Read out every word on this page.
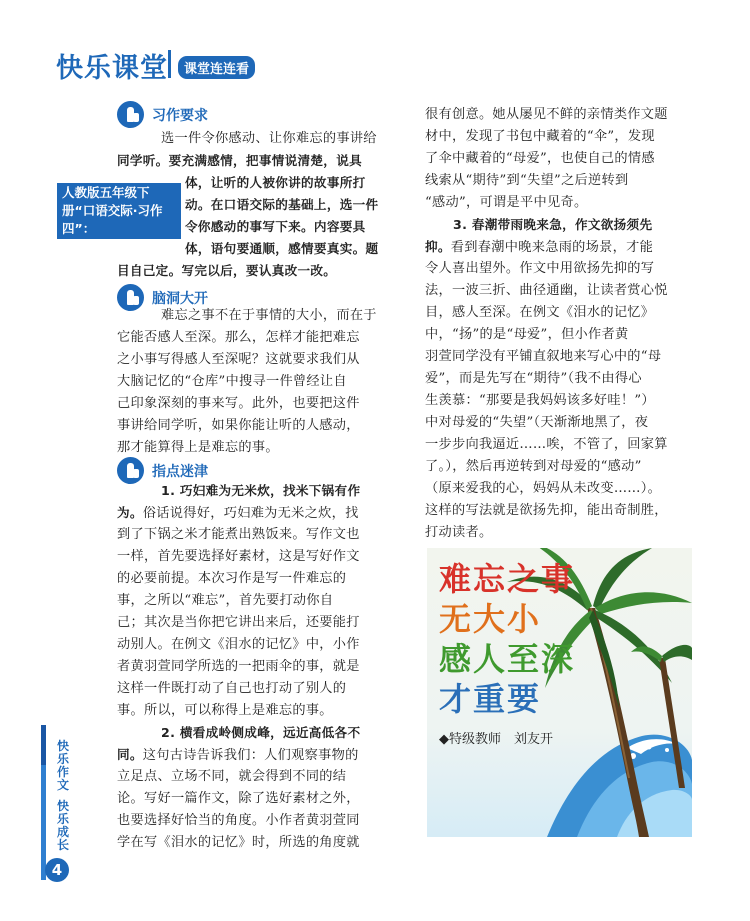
快乐课堂	课堂连连看
快乐作文
快乐成长
4
人教版五年级下册“口语交际·习作四”：
习作要求
选一件令你感动、让你难忘的事讲给
同学听。要充满感情，把事情说清楚，说具
体，让听的人被你讲的故事所打
动。在口语交际的基础上，选一件
令你感动的事写下来。内容要具
体，语句要通顺，感情要真实。题
目自己定。写完以后，要认真改一改。
脑洞大开
难忘之事不在于事情的大小，而在于
它能否感人至深。那么，怎样才能把难忘
之小事写得感人至深呢？这就要求我们从
大脑记忆的“仓库”中搜寻一件曾经让自
己印象深刻的事来写。此外，也要把这件
事讲给同学听，如果你能让听的人感动，
那才能算得上是难忘的事。
指点迷津
1. 巧妇难为无米炊，找米下锅有作
为。俗话说得好，巧妇难为无米之炊，找
到了下锅之米才能煮出熟饭来。写作文也
一样，首先要选择好素材，这是写好作文
的必要前提。本次习作是写一件难忘的
事，之所以“难忘”，首先要打动你自
己；其次是当你把它讲出来后，还要能打
动别人。在例文《泪水的记忆》中，小作
者黄羽萱同学所选的一把雨伞的事，就是
这样一件既打动了自己也打动了别人的
事。所以，可以称得上是难忘的事。
2. 横看成岭侧成峰，远近高低各不
同。这句古诗告诉我们：人们观察事物的
立足点、立场不同，就会得到不同的结
论。写好一篇作文，除了选好素材之外，
也要选择好恰当的角度。小作者黄羽萱同
学在写《泪水的记忆》时，所选的角度就
很有创意。她从屡见不鲜的亲情类作文题
材中，发现了书包中藏着的“伞”，发现
了伞中藏着的“母爱”，也使自己的情感
线索从“期待”到“失望”之后逆转到
“感动”，可谓是平中见奇。
3. 春潮带雨晚来急，作文欲扬须先
抑。看到春潮中晚来急雨的场景，才能
令人喜出望外。作文中用欲扬先抑的写
法，一波三折、曲径通幽，让读者赏心悦
目，感人至深。在例文《泪水的记忆》
中，“扬”的是“母爱”，但小作者黄
羽萱同学没有平铺直叙地来写心中的“母
爱”，而是先写在“期待”（我不由得心
生羡慕：“那要是我妈妈该多好哇！”）
中对母爱的“失望”（天渐渐地黑了，夜
一步步向我逼近……唉，不管了，回家算
了。），然后再逆转到对母爱的“感动”
（原来爱我的心，妈妈从未改变……）。
这样的写法就是欲扬先抑，能出奇制胜，
打动读者。
难忘之事
无大小
感人至深
才重要
◆特级教师　刘友开
